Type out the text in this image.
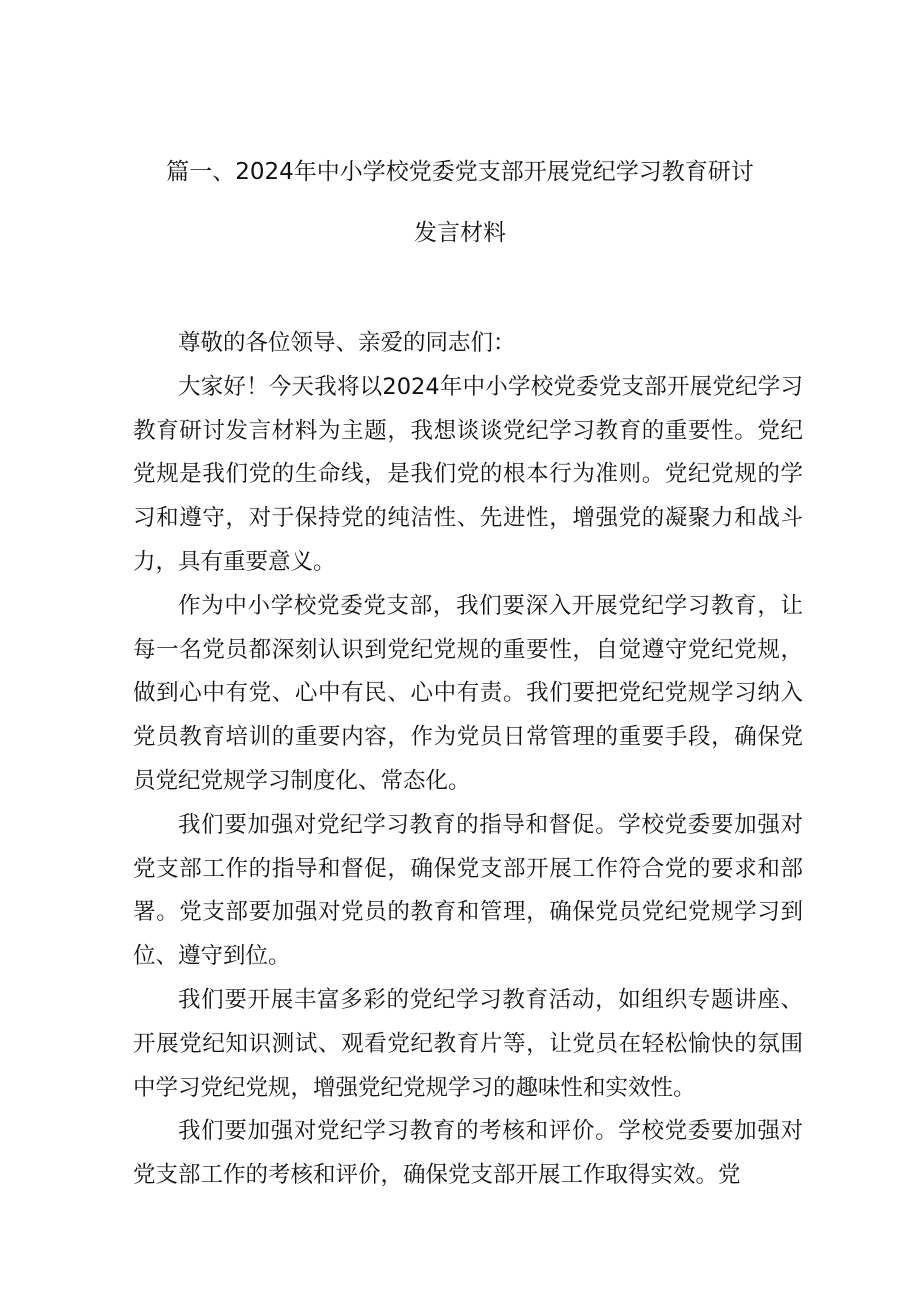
篇一、2024年中小学校党委党支部开展党纪学习教育研讨
发言材料

尊敬的各位领导、亲爱的同志们：

大家好！今天我将以2024年中小学校党委党支部开展党纪学习教育研讨发言材料为主题，我想谈谈党纪学习教育的重要性。党纪党规是我们党的生命线，是我们党的根本行为准则。党纪党规的学习和遵守，对于保持党的纯洁性、先进性，增强党的凝聚力和战斗力，具有重要意义。

作为中小学校党委党支部，我们要深入开展党纪学习教育，让每一名党员都深刻认识到党纪党规的重要性，自觉遵守党纪党规，做到心中有党、心中有民、心中有责。我们要把党纪党规学习纳入党员教育培训的重要内容，作为党员日常管理的重要手段，确保党员党纪党规学习制度化、常态化。

我们要加强对党纪学习教育的指导和督促。学校党委要加强对党支部工作的指导和督促，确保党支部开展工作符合党的要求和部署。党支部要加强对党员的教育和管理，确保党员党纪党规学习到位、遵守到位。

我们要开展丰富多彩的党纪学习教育活动，如组织专题讲座、开展党纪知识测试、观看党纪教育片等，让党员在轻松愉快的氛围中学习党纪党规，增强党纪党规学习的趣味性和实效性。

我们要加强对党纪学习教育的考核和评价。学校党委要加强对党支部工作的考核和评价，确保党支部开展工作取得实效。党
